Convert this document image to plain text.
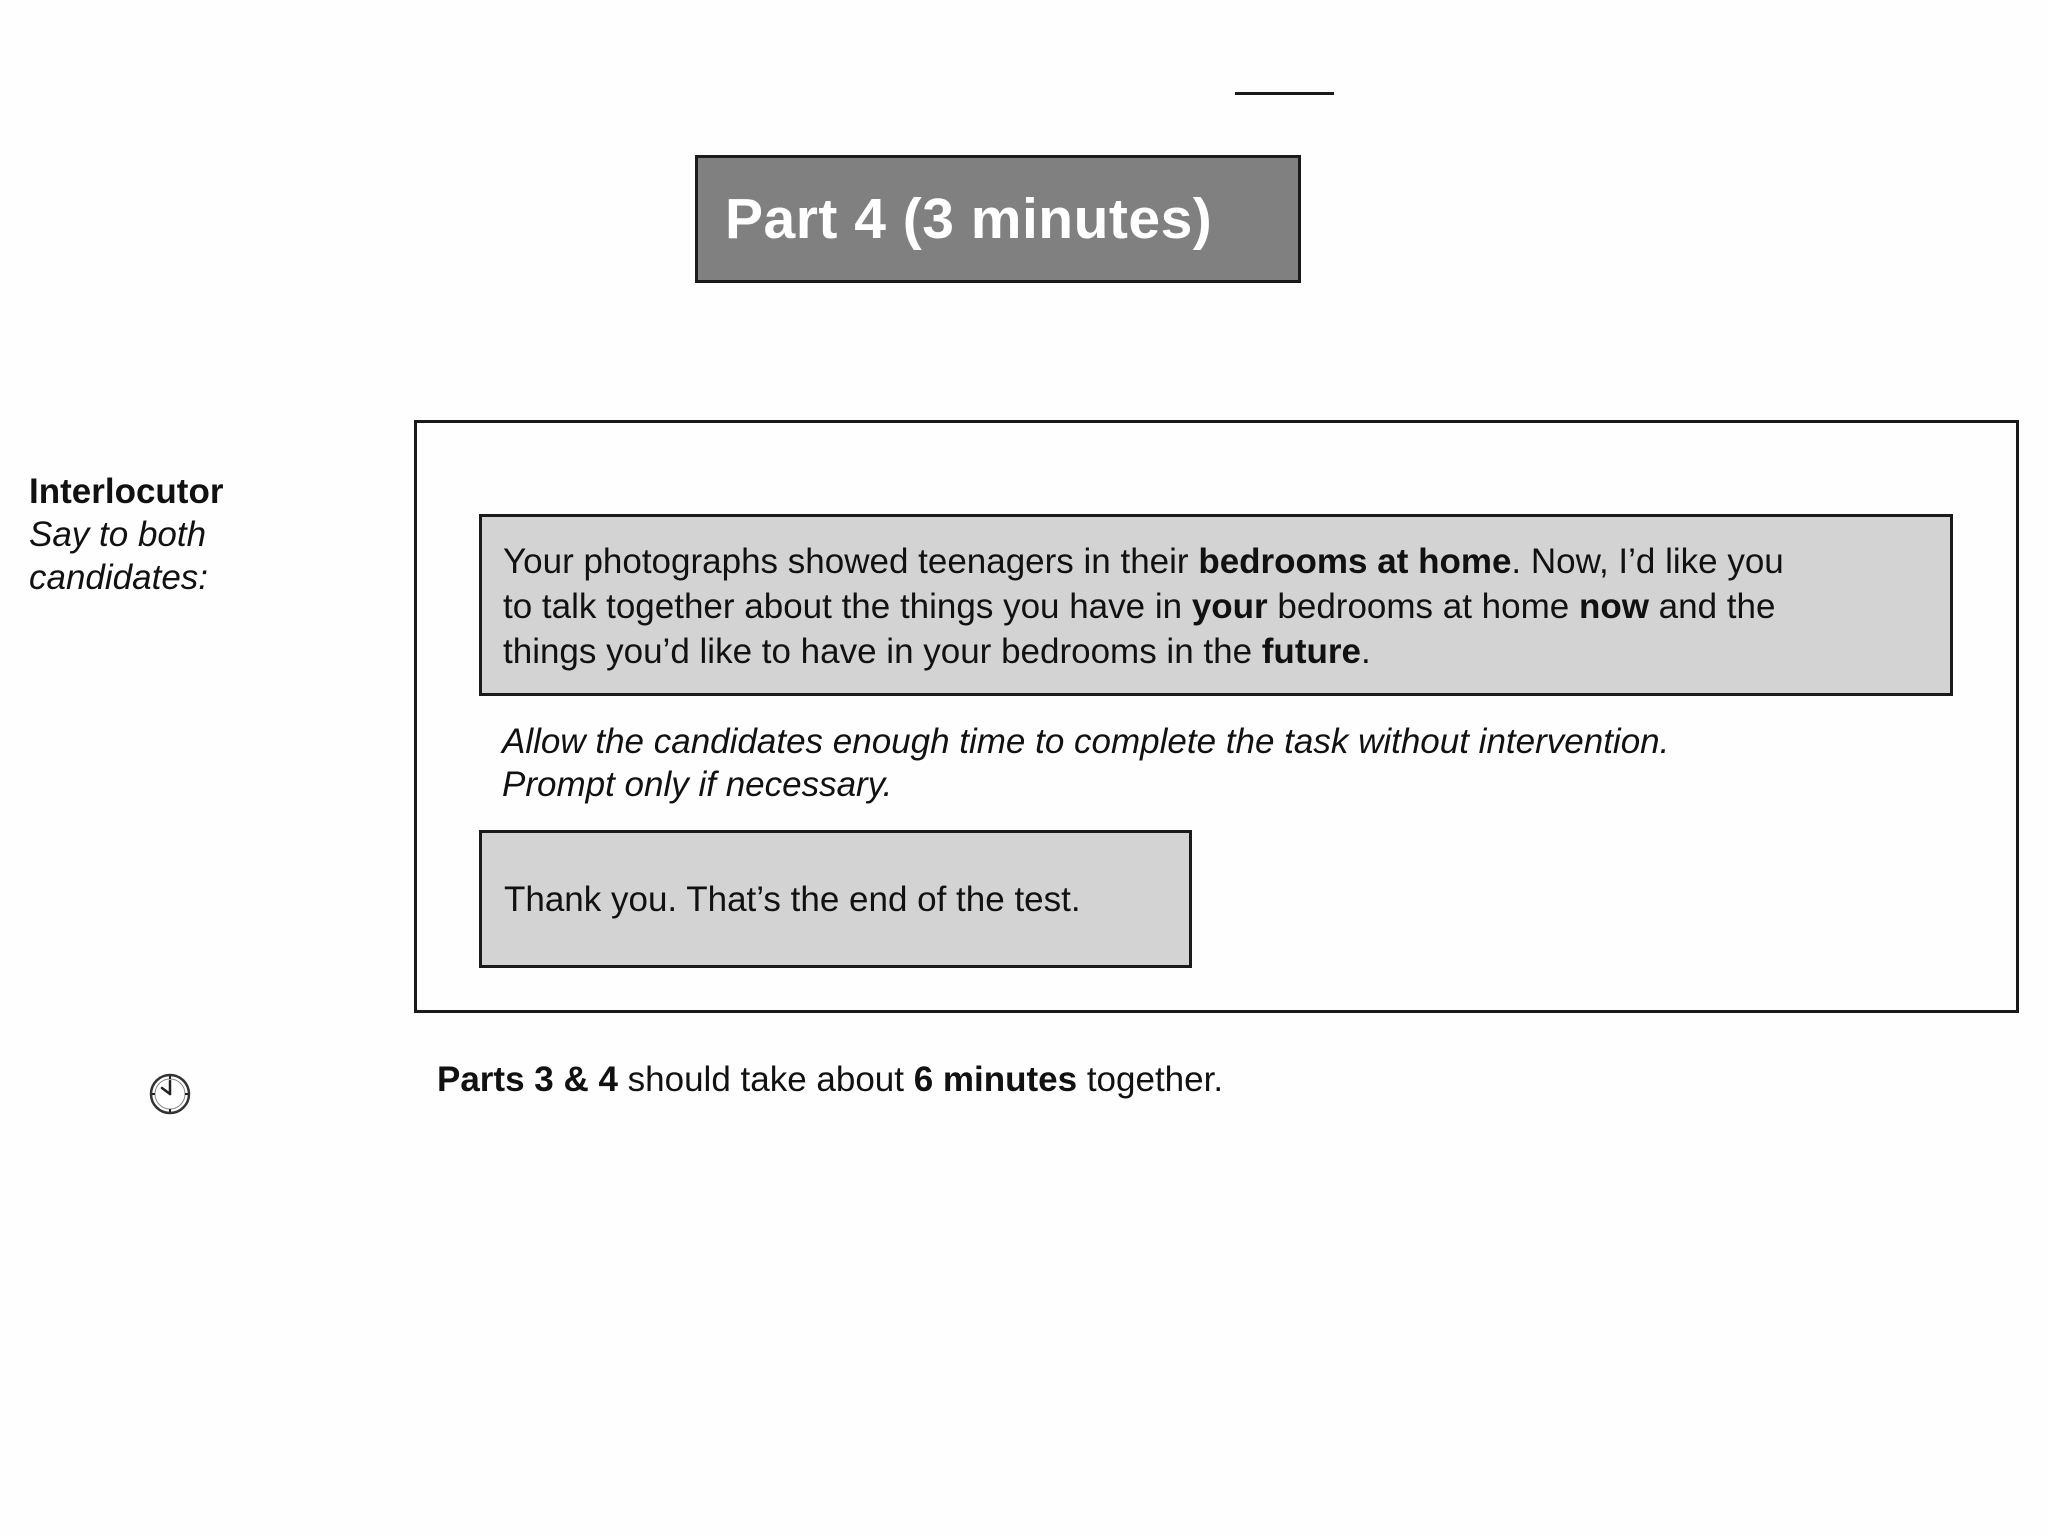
Part 4 (3 minutes)
Interlocutor
Say to both
candidates:	Your photographs showed teenagers in their bedrooms at home. Now, I’d like you
to talk together about the things you have in your bedrooms at home now and the
things you’d like to have in your bedrooms in the future.
Allow the candidates enough time to complete the task without intervention.
Prompt only if necessary.
Thank you. That’s the end of the test.
Parts 3 & 4 should take about 6 minutes together.
